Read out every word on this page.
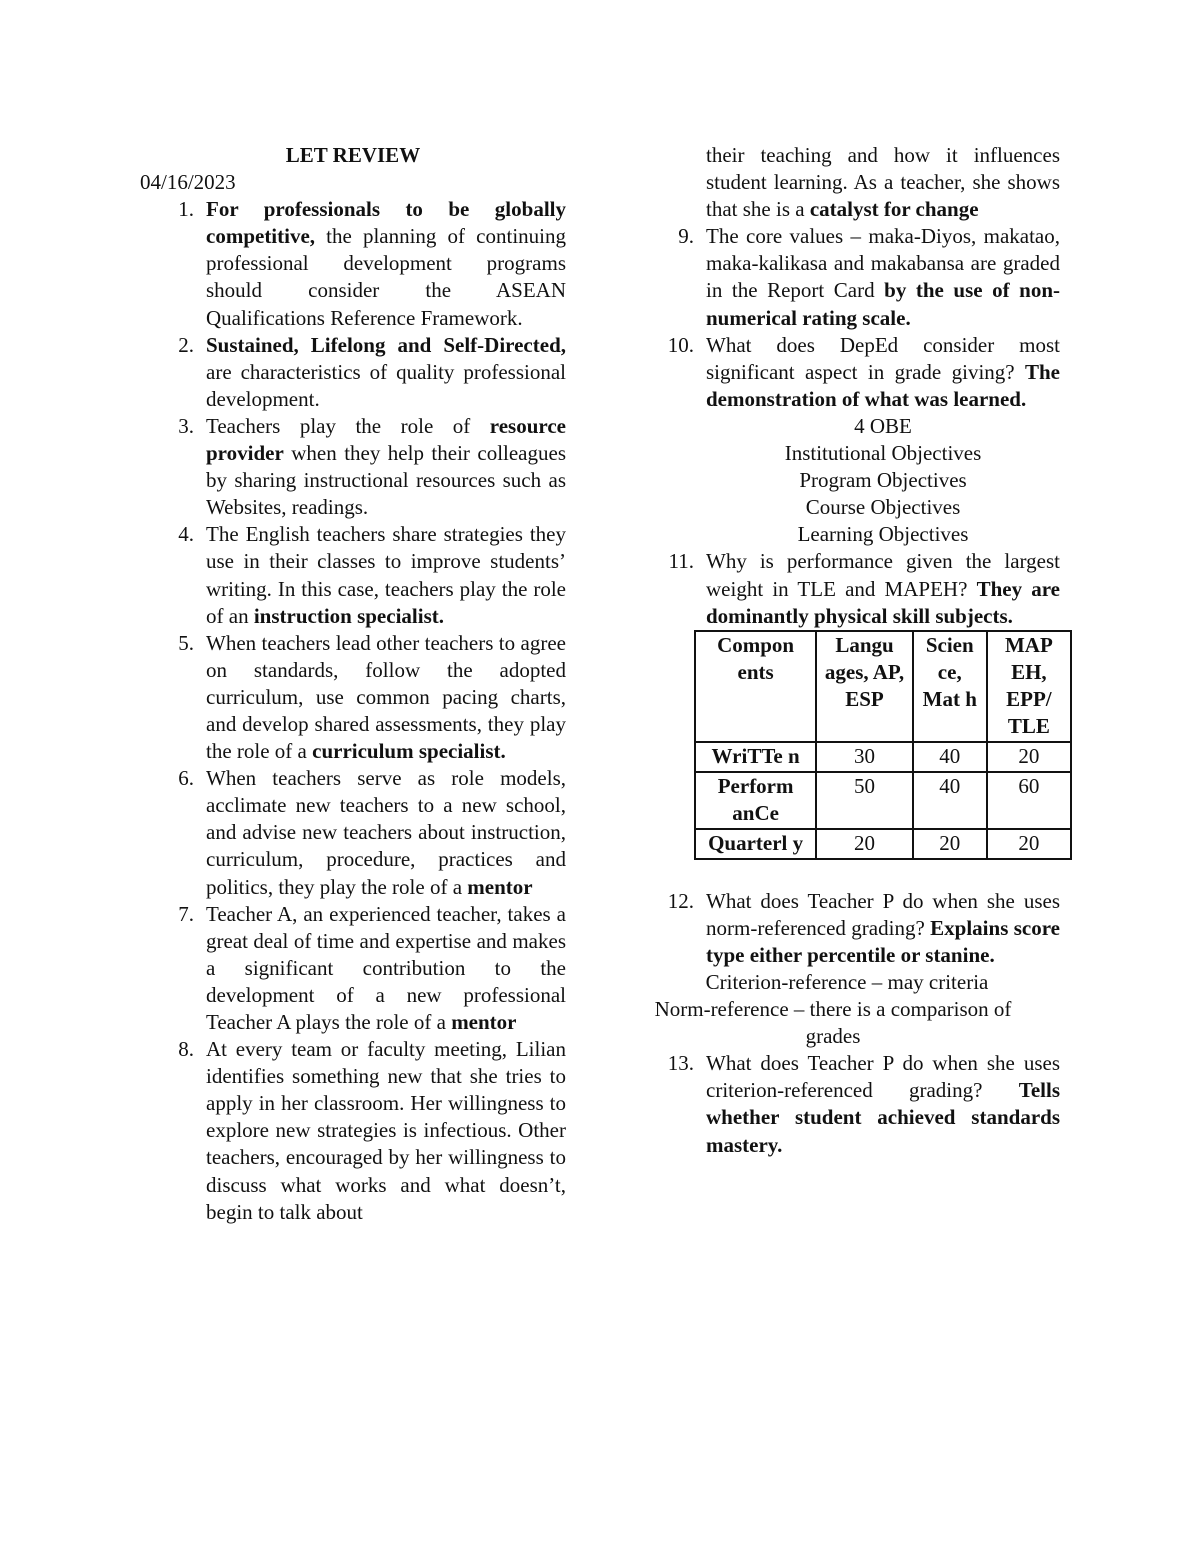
LET REVIEW
04/16/2023
1. For professionals to be globally competitive, the planning of continuing professional development programs should consider the ASEAN Qualifications Reference Framework.
2. Sustained, Lifelong and Self-Directed, are characteristics of quality professional development.
3. Teachers play the role of resource provider when they help their colleagues by sharing instructional resources such as Websites, readings.
4. The English teachers share strategies they use in their classes to improve students’ writing. In this case, teachers play the role of an instruction specialist.
5. When teachers lead other teachers to agree on standards, follow the adopted curriculum, use common pacing charts, and develop shared assessments, they play the role of a curriculum specialist.
6. When teachers serve as role models, acclimate new teachers to a new school, and advise new teachers about instruction, curriculum, procedure, practices and politics, they play the role of a mentor
7. Teacher A, an experienced teacher, takes a great deal of time and expertise and makes a significant contribution to the development of a new professional Teacher A plays the role of a mentor
8. At every team or faculty meeting, Lilian identifies something new that she tries to apply in her classroom. Her willingness to explore new strategies is infectious. Other teachers, encouraged by her willingness to discuss what works and what doesn’t, begin to talk about
their teaching and how it influences student learning. As a teacher, she shows that she is a catalyst for change
9. The core values – maka-Diyos, makatao, maka-kalikasa and makabansa are graded in the Report Card by the use of non-numerical rating scale.
10. What does DepEd consider most significant aspect in grade giving? The demonstration of what was learned.
4 OBE
Institutional Objectives
Program Objectives
Course Objectives
Learning Objectives
11. Why is performance given the largest weight in TLE and MAPEH? They are dominantly physical skill subjects.
Compon ents	Langu ages, AP, ESP	Scien ce, Mat h	MAP EH, EPP/ TLE
WriTTe n	30	40	20
Perform anCe	50	40	60
Quarterl y	20	20	20
12. What does Teacher P do when she uses norm-referenced grading? Explains score type either percentile or stanine.
Criterion-reference – may criteria
Norm-reference – there is a comparison of grades
13. What does Teacher P do when she uses criterion-referenced grading? Tells whether student achieved standards mastery.
